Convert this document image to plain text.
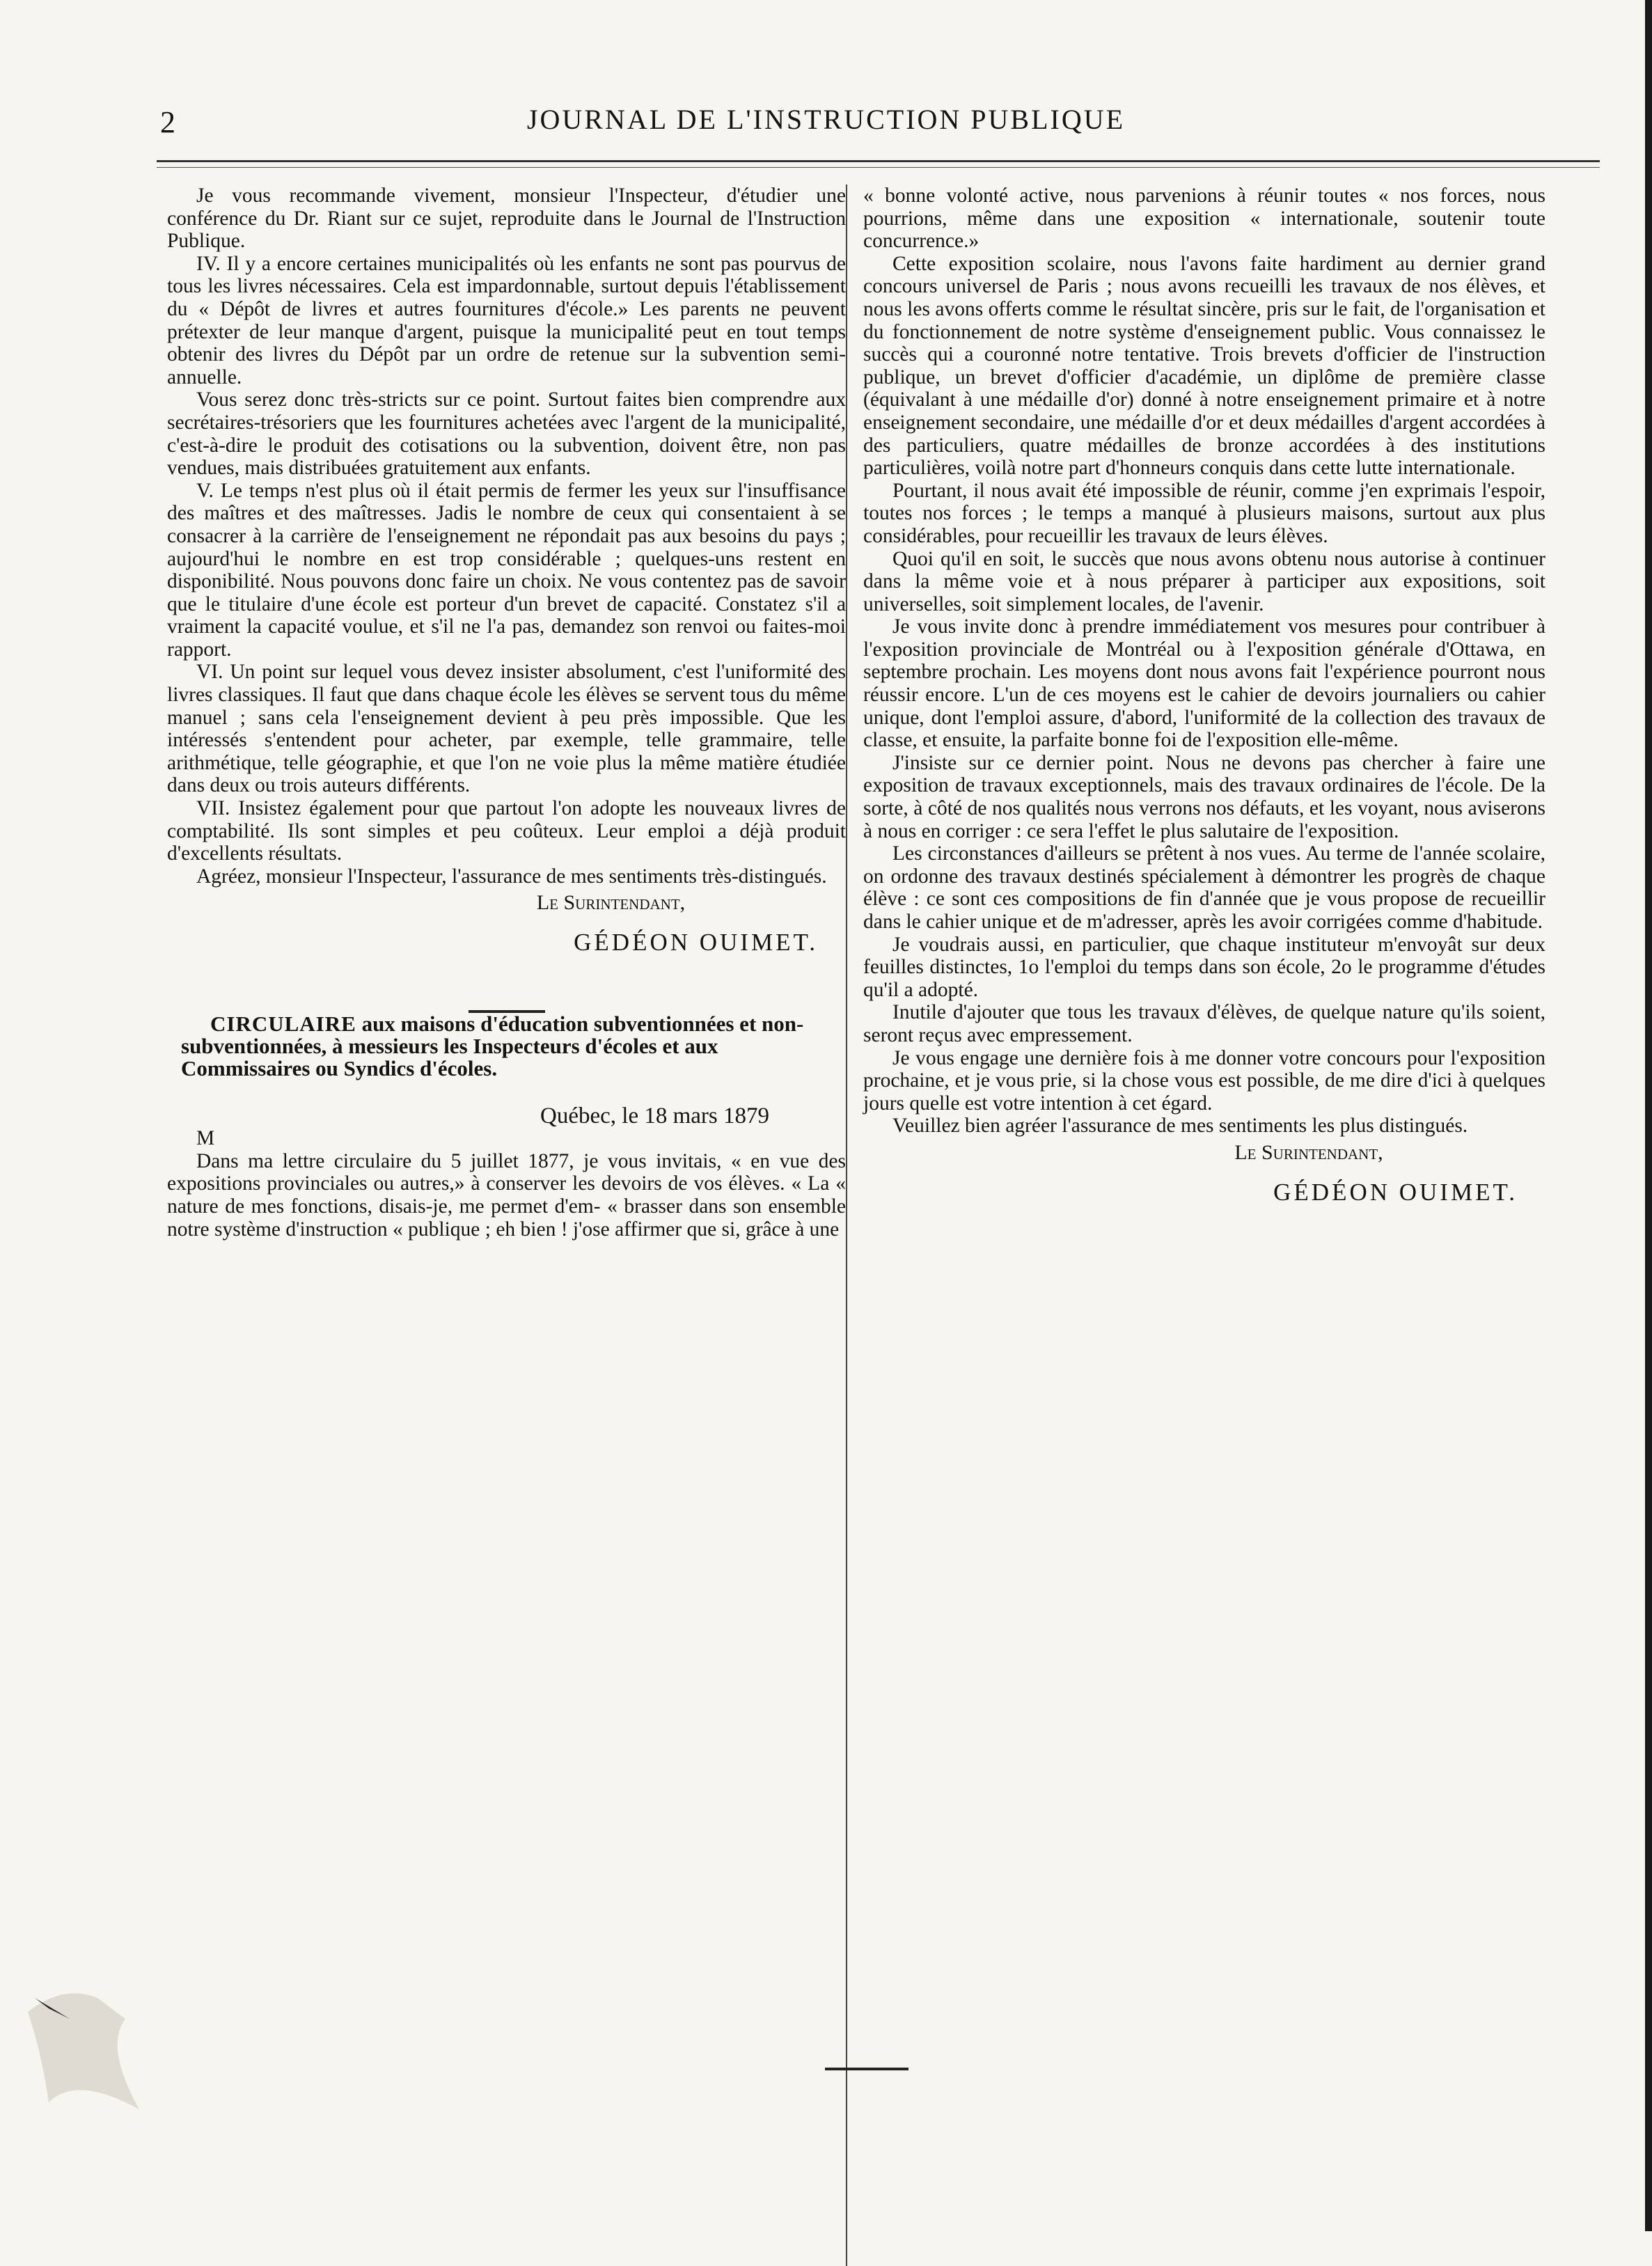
2	JOURNAL DE L'INSTRUCTION PUBLIQUE

Je vous recommande vivement, monsieur l'Inspecteur, d'étudier une conférence du Dr. Riant sur ce sujet, reproduite dans le Journal de l'Instruction Publique.

IV. Il y a encore certaines municipalités où les enfants ne sont pas pourvus de tous les livres nécessaires. Cela est impardonnable, surtout depuis l'établissement du « Dépôt de livres et autres fournitures d'école.» Les parents ne peuvent prétexter de leur manque d'argent, puisque la municipalité peut en tout temps obtenir des livres du Dépôt par un ordre de retenue sur la subvention semi-annuelle.

Vous serez donc très-stricts sur ce point. Surtout faites bien comprendre aux secrétaires-trésoriers que les fournitures achetées avec l'argent de la municipalité, c'est-à-dire le produit des cotisations ou la subvention, doivent être, non pas vendues, mais distribuées gratuitement aux enfants.

V. Le temps n'est plus où il était permis de fermer les yeux sur l'insuffisance des maîtres et des maîtresses. Jadis le nombre de ceux qui consentaient à se consacrer à la carrière de l'enseignement ne répondait pas aux besoins du pays ; aujourd'hui le nombre en est trop considérable ; quelques-uns restent en disponibilité. Nous pouvons donc faire un choix. Ne vous contentez pas de savoir que le titulaire d'une école est porteur d'un brevet de capacité. Constatez s'il a vraiment la capacité voulue, et s'il ne l'a pas, demandez son renvoi ou faites-moi rapport.

VI. Un point sur lequel vous devez insister absolument, c'est l'uniformité des livres classiques. Il faut que dans chaque école les élèves se servent tous du même manuel ; sans cela l'enseignement devient à peu près impossible. Que les intéressés s'entendent pour acheter, par exemple, telle grammaire, telle arithmétique, telle géographie, et que l'on ne voie plus la même matière étudiée dans deux ou trois auteurs différents.

VII. Insistez également pour que partout l'on adopte les nouveaux livres de comptabilité. Ils sont simples et peu coûteux. Leur emploi a déjà produit d'excellents résultats.

Agréez, monsieur l'Inspecteur, l'assurance de mes sentiments très-distingués.

Le Surintendant,
GÉDÉON OUIMET.

CIRCULAIRE aux maisons d'éducation subventionnées et non-subventionnées, à messieurs les Inspecteurs d'écoles et aux Commissaires ou Syndics d'écoles.

Québec, le 18 mars 1879

M

Dans ma lettre circulaire du 5 juillet 1877, je vous invitais, « en vue des expositions provinciales ou autres,» à conserver les devoirs de vos élèves. « La « nature de mes fonctions, disais-je, me permet d'em- « brasser dans son ensemble notre système d'instruction « publique ; eh bien ! j'ose affirmer que si, grâce à une

« bonne volonté active, nous parvenions à réunir toutes « nos forces, nous pourrions, même dans une exposition « internationale, soutenir toute concurrence.»

Cette exposition scolaire, nous l'avons faite hardiment au dernier grand concours universel de Paris ; nous avons recueilli les travaux de nos élèves, et nous les avons offerts comme le résultat sincère, pris sur le fait, de l'organisation et du fonctionnement de notre système d'enseignement public. Vous connaissez le succès qui a couronné notre tentative. Trois brevets d'officier de l'instruction publique, un brevet d'officier d'académie, un diplôme de première classe (équivalant à une médaille d'or) donné à notre enseignement primaire et à notre enseignement secondaire, une médaille d'or et deux médailles d'argent accordées à des particuliers, quatre médailles de bronze accordées à des institutions particulières, voilà notre part d'honneurs conquis dans cette lutte internationale.

Pourtant, il nous avait été impossible de réunir, comme j'en exprimais l'espoir, toutes nos forces ; le temps a manqué à plusieurs maisons, surtout aux plus considérables, pour recueillir les travaux de leurs élèves.

Quoi qu'il en soit, le succès que nous avons obtenu nous autorise à continuer dans la même voie et à nous préparer à participer aux expositions, soit universelles, soit simplement locales, de l'avenir.

Je vous invite donc à prendre immédiatement vos mesures pour contribuer à l'exposition provinciale de Montréal ou à l'exposition générale d'Ottawa, en septembre prochain. Les moyens dont nous avons fait l'expérience pourront nous réussir encore. L'un de ces moyens est le cahier de devoirs journaliers ou cahier unique, dont l'emploi assure, d'abord, l'uniformité de la collection des travaux de classe, et ensuite, la parfaite bonne foi de l'exposition elle-même.

J'insiste sur ce dernier point. Nous ne devons pas chercher à faire une exposition de travaux exceptionnels, mais des travaux ordinaires de l'école. De la sorte, à côté de nos qualités nous verrons nos défauts, et les voyant, nous aviserons à nous en corriger : ce sera l'effet le plus salutaire de l'exposition.

Les circonstances d'ailleurs se prêtent à nos vues. Au terme de l'année scolaire, on ordonne des travaux destinés spécialement à démontrer les progrès de chaque élève : ce sont ces compositions de fin d'année que je vous propose de recueillir dans le cahier unique et de m'adresser, après les avoir corrigées comme d'habitude.

Je voudrais aussi, en particulier, que chaque instituteur m'envoyât sur deux feuilles distinctes, 1o l'emploi du temps dans son école, 2o le programme d'études qu'il a adopté.

Inutile d'ajouter que tous les travaux d'élèves, de quelque nature qu'ils soient, seront reçus avec empressement.

Je vous engage une dernière fois à me donner votre concours pour l'exposition prochaine, et je vous prie, si la chose vous est possible, de me dire d'ici à quelques jours quelle est votre intention à cet égard.

Veuillez bien agréer l'assurance de mes sentiments les plus distingués.

Le Surintendant,
GÉDÉON OUIMET.
